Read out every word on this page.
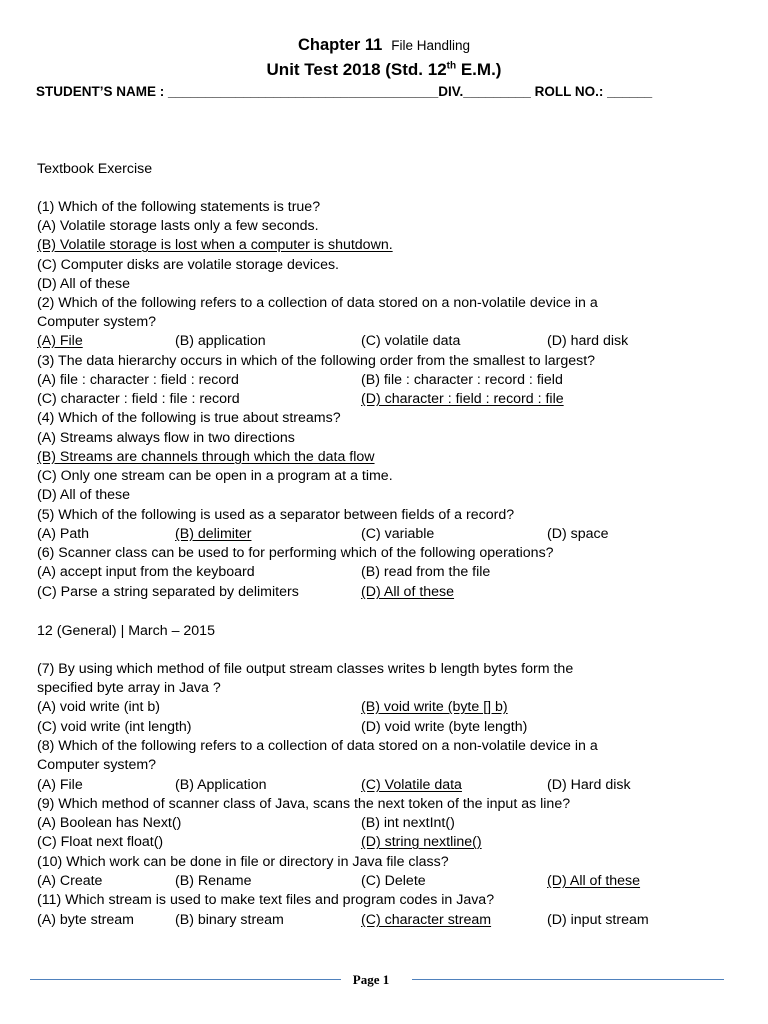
Chapter 11 File Handling
Unit Test 2018 (Std. 12th E.M.)
STUDENT’S NAME : ____________________________________DIV._________ ROLL NO.: ______
Textbook Exercise
12 (General) | March – 2015
(1) Which of the following statements is true?
(A) Volatile storage lasts only a few seconds.
(B) Volatile storage is lost when a computer is shutdown.
(C) Computer disks are volatile storage devices.
(D) All of these
(2) Which of the following refers to a collection of data stored on a non-volatile device in a
Computer system?
(A) File	(B) application	(C) volatile data	(D) hard disk
(3) The data hierarchy occurs in which of the following order from the smallest to largest?
(A) file : character : field : record	(B) file : character : record : field
(C) character : field : file : record	(D) character : field : record : file
(4) Which of the following is true about streams?
(A) Streams always flow in two directions
(B) Streams are channels through which the data flow
(C) Only one stream can be open in a program at a time.
(D) All of these
(5) Which of the following is used as a separator between fields of a record?
(A) Path	(B) delimiter	(C) variable	(D) space
(6) Scanner class can be used to for performing which of the following operations?
(A) accept input from the keyboard	(B) read from the file
(C) Parse a string separated by delimiters	(D) All of these
(7) By using which method of file output stream classes writes b length bytes form the
specified byte array in Java ?
(A) void write (int b)	(B) void write (byte [] b)
(C) void write (int length)	(D) void write (byte length)
(8) Which of the following refers to a collection of data stored on a non-volatile device in a
Computer system?
(A) File	(B) Application	(C) Volatile data	(D) Hard disk
(9) Which method of scanner class of Java, scans the next token of the input as line?
(A) Boolean has Next()	(B) int nextInt()
(C) Float next float()	(D) string nextline()
(10) Which work can be done in file or directory in Java file class?
(A) Create	(B) Rename	(C) Delete	(D) All of these
(11) Which stream is used to make text files and program codes in Java?
(A) byte stream	(B) binary stream	(C) character stream	(D) input stream
Page 1
